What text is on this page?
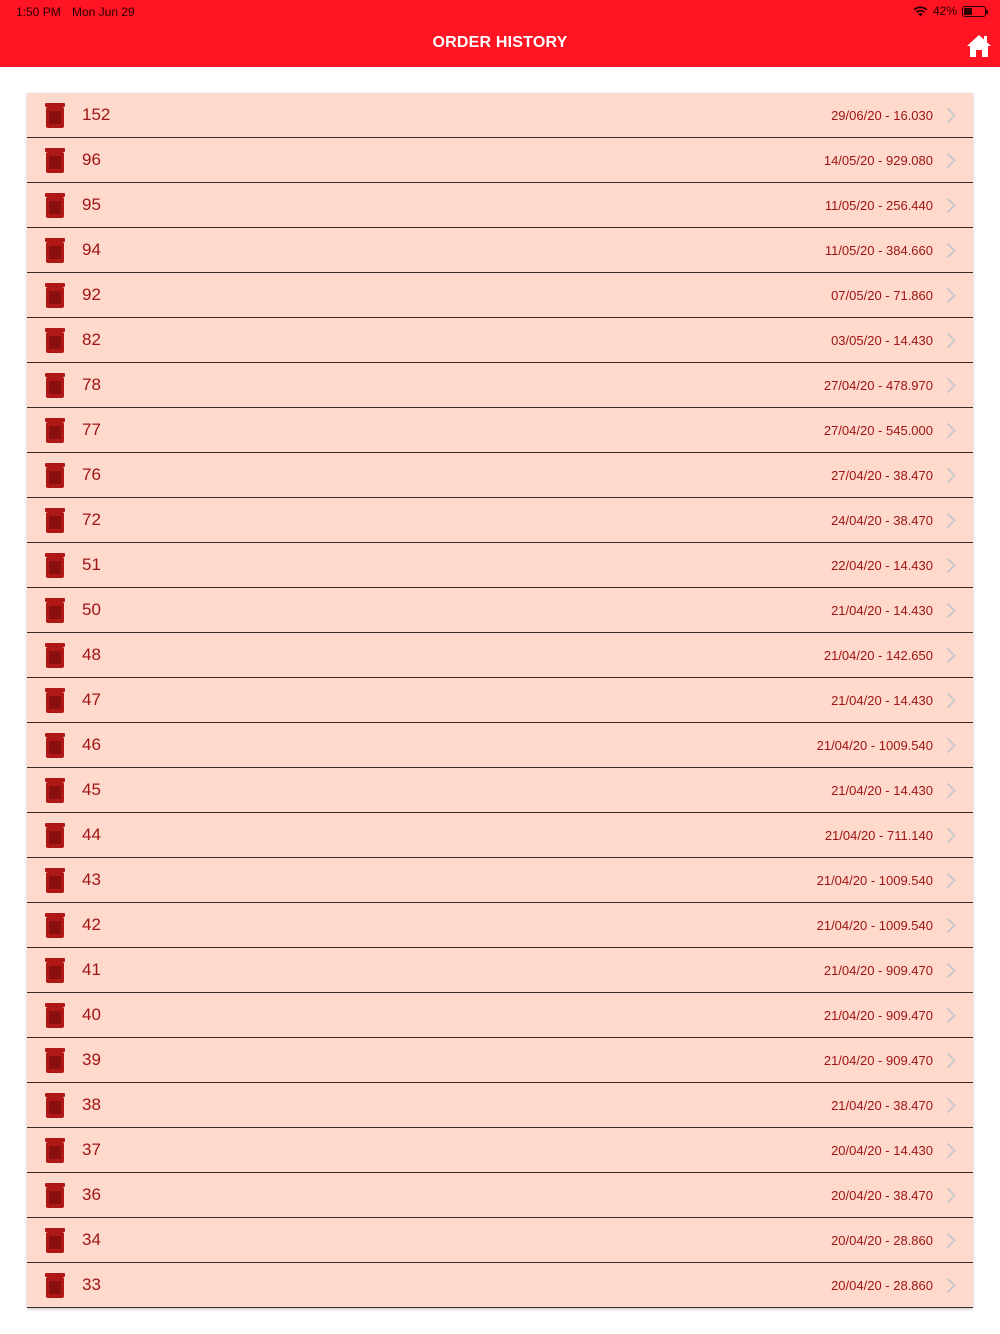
1:50 PM Mon Jun 29	42%
ORDER HISTORY
152	29/06/20 - 16.030
96	14/05/20 - 929.080
95	11/05/20 - 256.440
94	11/05/20 - 384.660
92	07/05/20 - 71.860
82	03/05/20 - 14.430
78	27/04/20 - 478.970
77	27/04/20 - 545.000
76	27/04/20 - 38.470
72	24/04/20 - 38.470
51	22/04/20 - 14.430
50	21/04/20 - 14.430
48	21/04/20 - 142.650
47	21/04/20 - 14.430
46	21/04/20 - 1009.540
45	21/04/20 - 14.430
44	21/04/20 - 711.140
43	21/04/20 - 1009.540
42	21/04/20 - 1009.540
41	21/04/20 - 909.470
40	21/04/20 - 909.470
39	21/04/20 - 909.470
38	21/04/20 - 38.470
37	20/04/20 - 14.430
36	20/04/20 - 38.470
34	20/04/20 - 28.860
33	20/04/20 - 28.860
